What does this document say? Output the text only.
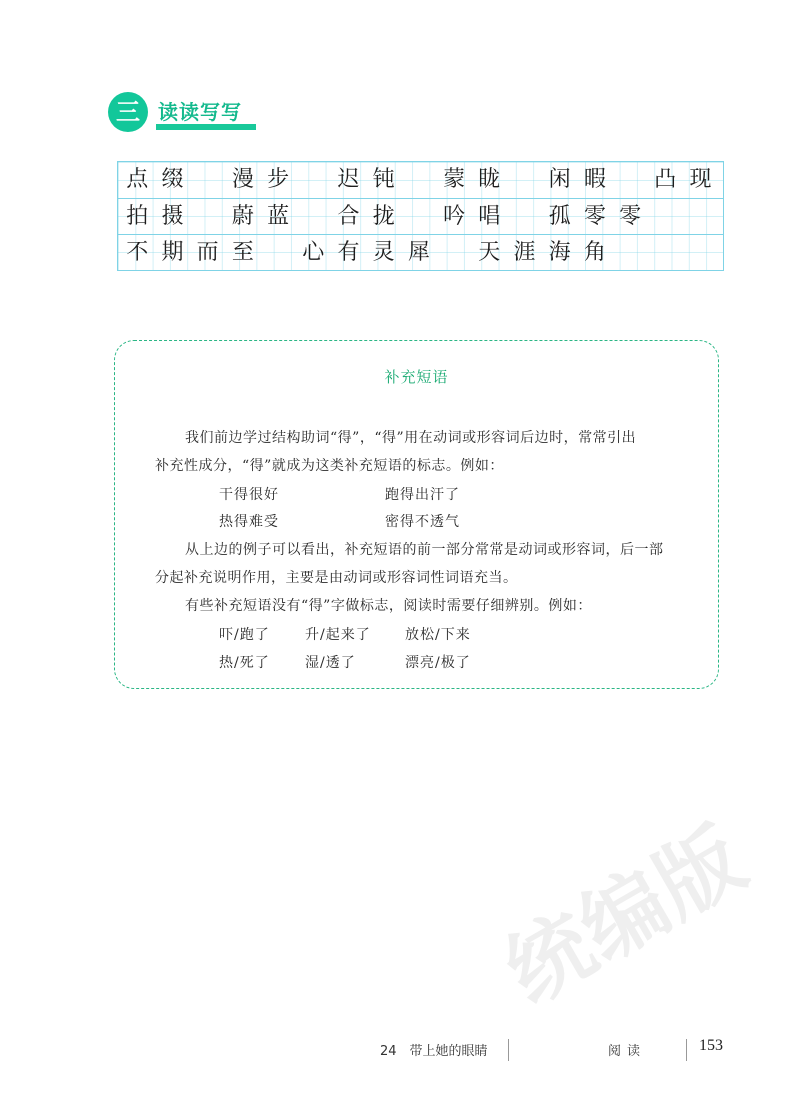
三 读读写写
点 缀 漫 步 迟 钝 蒙 眬 闲 暇 凸 现
拍 摄 蔚 蓝 合 拢 吟 唱 孤 零 零
不 期 而 至 心 有 灵 犀 天 涯 海 角
补充短语
我们前边学过结构助词“得”，“得”用在动词或形容词后边时，常常引出
补充性成分，“得”就成为这类补充短语的标志。例如：
干得很好	跑得出汗了
热得难受	密得不透气
从上边的例子可以看出，补充短语的前一部分常常是动词或形容词，后一部
分起补充说明作用，主要是由动词或形容词性词语充当。
有些补充短语没有“得”字做标志，阅读时需要仔细辨别。例如：
吓/跑了	升/起来了 放松/下来
热/死了	湿/透了	漂亮/极了
统编版
24　带上她的眼睛	阅读	153
